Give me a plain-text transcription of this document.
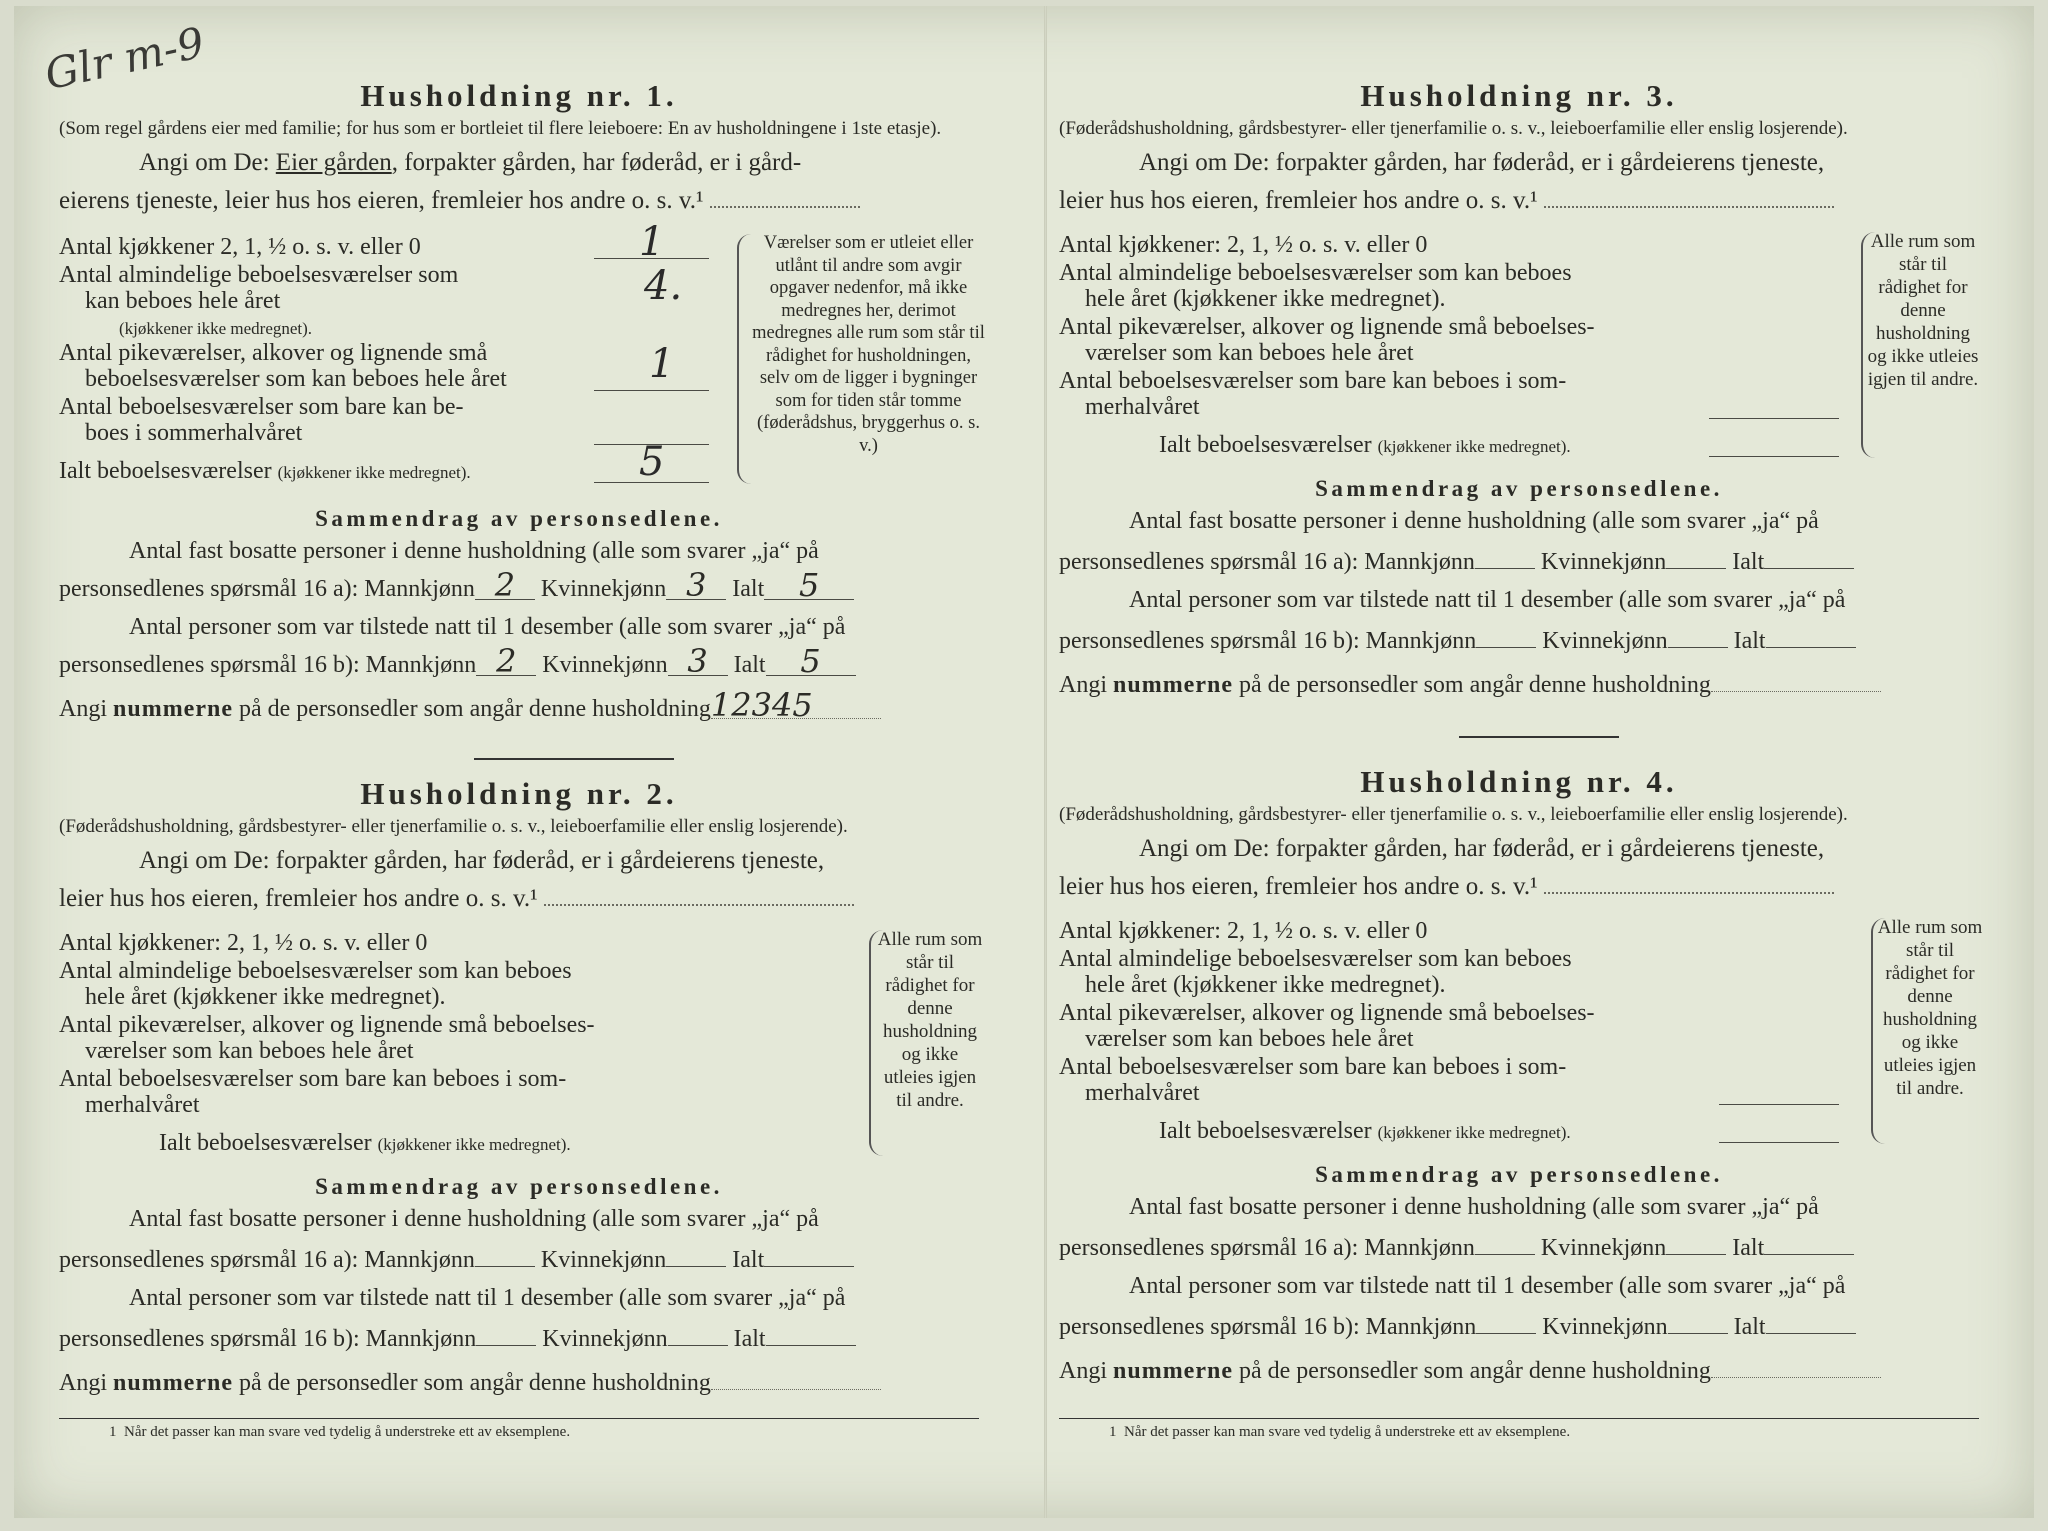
Glr m-9	Husholdning nr. 1.
(Som regel gårdens eier med familie; for hus som er bortleiet til flere leieboere: En av husholdningene i 1ste etasje).
Angi om De: Eier gården, forpakter gården, har føderåd, er i gård-
eierens tjeneste, leier hus hos eieren, fremleier hos andre o. s. v.¹
Antal kjøkkener 2, 1, ½ o. s. v. eller 0	1
Antal almindelige beboelsesværelser som
kan beboes hele året
(kjøkkener ikke medregnet).
4.
Antal pikeværelser, alkover og lignende små
beboelsesværelser som kan beboes hele året	1
Antal beboelsesværelser som bare kan be-
boes i sommerhalvåret
Ialt beboelsesværelser (kjøkkener ikke medregnet).	5
Værelser som er utleiet eller utlånt til andre som avgir opgaver nedenfor, må ikke medregnes her, derimot medregnes alle rum som står til rådighet for husholdningen, selv om de ligger i bygninger som for tiden står tomme (føderådshus, bryggerhus o. s. v.)
Sammendrag av personsedlene.

Antal fast bosatte personer i denne husholdning (alle som svarer „ja“ på

personsedlenes spørsmål 16 a): Mannkjønn 2 Kvinnekjønn 3 Ialt 5

Antal personer som var tilstede natt til 1 desember (alle som svarer „ja“ på

personsedlenes spørsmål 16 b): Mannkjønn 2 Kvinnekjønn 3 Ialt 5

Angi nummerne på de personsedler som angår denne husholdning12345

Husholdning nr. 2.
(Føderådshusholdning, gårdsbestyrer- eller tjenerfamilie o. s. v., leieboerfamilie eller enslig losjerende).
Angi om De: forpakter gården, har føderåd, er i gårdeierens tjeneste,
leier hus hos eieren, fremleier hos andre o. s. v.¹
Antal kjøkkener: 2, 1, ½ o. s. v. eller 0
Antal almindelige beboelsesværelser som kan beboes
hele året (kjøkkener ikke medregnet).
Antal pikeværelser, alkover og lignende små beboelses-
værelser som kan beboes hele året
Antal beboelsesværelser som bare kan beboes i som-
merhalvåret
Ialt beboelsesværelser (kjøkkener ikke medregnet).
Alle rum som står til rådighet for denne husholdning og ikke utleies igjen til andre.
Sammendrag av personsedlene.

Antal fast bosatte personer i denne husholdning (alle som svarer „ja“ på

personsedlenes spørsmål 16 a): Mannkjønn	Kvinnekjønn	Ialt

Antal personer som var tilstede natt til 1 desember (alle som svarer „ja“ på

personsedlenes spørsmål 16 b): Mannkjønn	Kvinnekjønn	Ialt

Angi nummerne på de personsedler som angår denne husholdning

1 Når det passer kan man svare ved tydelig å understreke ett av eksemplene.
Husholdning nr. 3.
(Føderådshusholdning, gårdsbestyrer- eller tjenerfamilie o. s. v., leieboerfamilie eller enslig losjerende).
Angi om De: forpakter gården, har føderåd, er i gårdeierens tjeneste,
leier hus hos eieren, fremleier hos andre o. s. v.¹
Antal kjøkkener: 2, 1, ½ o. s. v. eller 0
Antal almindelige beboelsesværelser som kan beboes
hele året (kjøkkener ikke medregnet).
Antal pikeværelser, alkover og lignende små beboelses-
værelser som kan beboes hele året
Antal beboelsesværelser som bare kan beboes i som-
merhalvåret
Ialt beboelsesværelser (kjøkkener ikke medregnet).
Alle rum som står til rådighet for denne husholdning og ikke utleies igjen til andre.
Sammendrag av personsedlene.

Antal fast bosatte personer i denne husholdning (alle som svarer „ja“ på

personsedlenes spørsmål 16 a): Mannkjønn	Kvinnekjønn	Ialt

Antal personer som var tilstede natt til 1 desember (alle som svarer „ja“ på

personsedlenes spørsmål 16 b): Mannkjønn	Kvinnekjønn	Ialt

Angi nummerne på de personsedler som angår denne husholdning

Husholdning nr. 4.
(Føderådshusholdning, gårdsbestyrer- eller tjenerfamilie o. s. v., leieboerfamilie eller enslig losjerende).
Angi om De: forpakter gården, har føderåd, er i gårdeierens tjeneste,
leier hus hos eieren, fremleier hos andre o. s. v.¹
Antal kjøkkener: 2, 1, ½ o. s. v. eller 0
Antal almindelige beboelsesværelser som kan beboes
hele året (kjøkkener ikke medregnet).
Antal pikeværelser, alkover og lignende små beboelses-
værelser som kan beboes hele året
Antal beboelsesværelser som bare kan beboes i som-
merhalvåret
Ialt beboelsesværelser (kjøkkener ikke medregnet).
Alle rum som står til rådighet for denne husholdning og ikke utleies igjen til andre.
Sammendrag av personsedlene.

Antal fast bosatte personer i denne husholdning (alle som svarer „ja“ på

personsedlenes spørsmål 16 a): Mannkjønn	Kvinnekjønn	Ialt

Antal personer som var tilstede natt til 1 desember (alle som svarer „ja“ på

personsedlenes spørsmål 16 b): Mannkjønn	Kvinnekjønn	Ialt

Angi nummerne på de personsedler som angår denne husholdning

1 Når det passer kan man svare ved tydelig å understreke ett av eksemplene.
